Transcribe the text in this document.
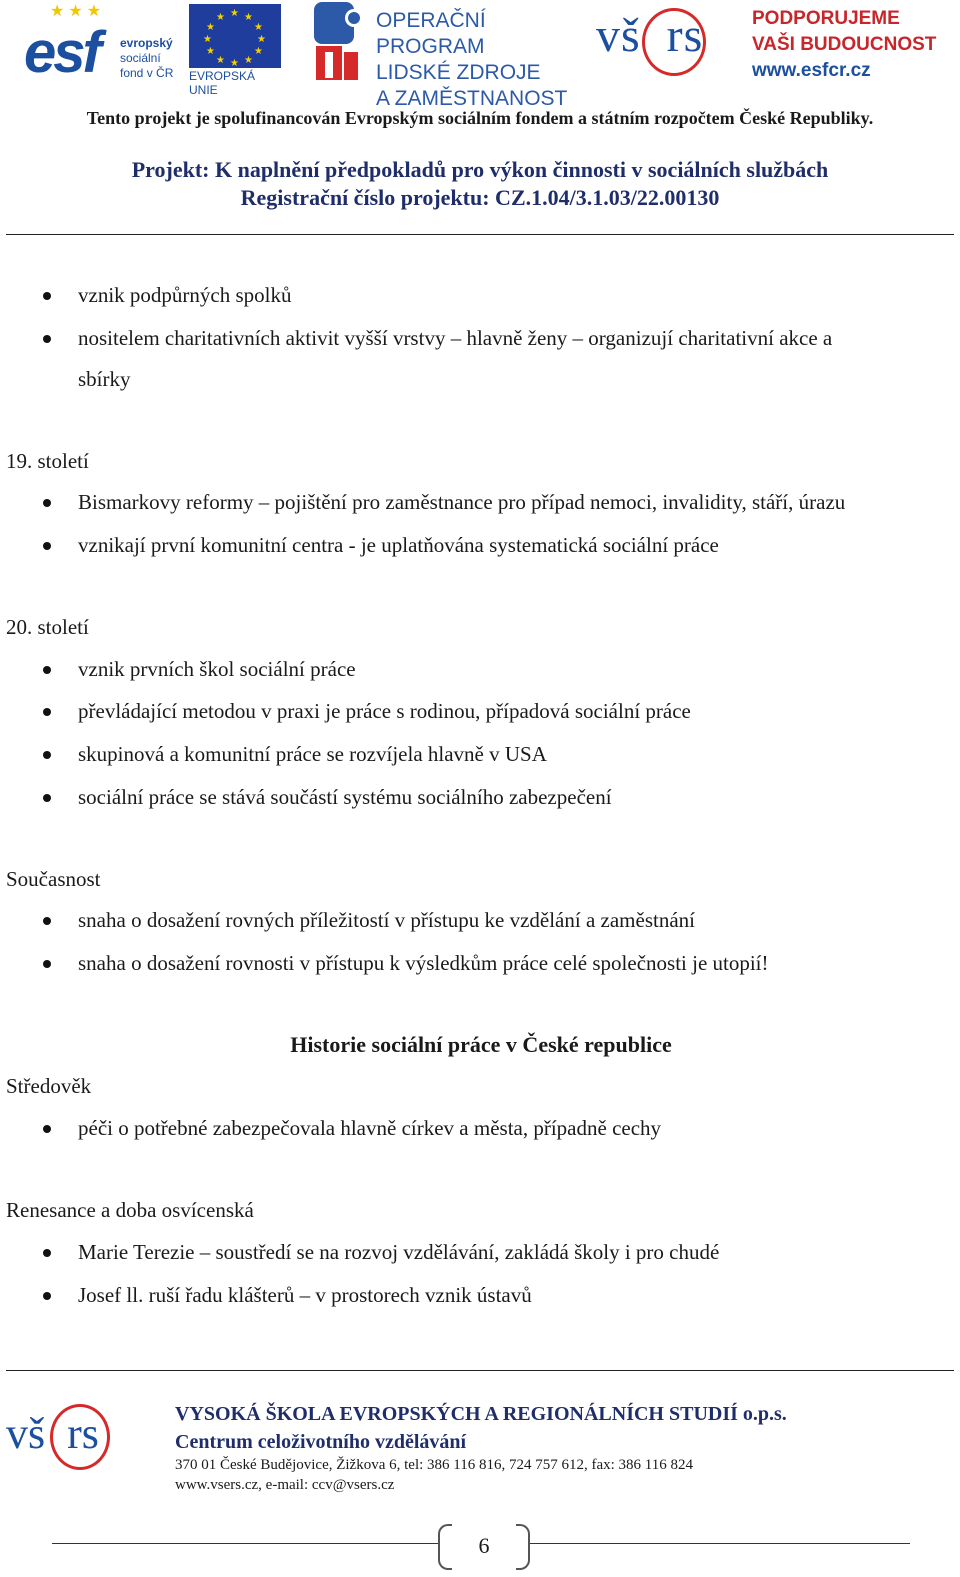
★ ★ ★
esf evropský
sociální
fond v ČR
★ ★
★
★
★
★
★
★
★
★
★
★
EVROPSKÁ UNIE
OPERAČNÍ PROGRAM
LIDSKÉ ZDROJE
A ZAMĚSTNANOST
vš  rs	PODPORUJEME
VAŠI BUDOUCNOST
www.esfcr.cz
Tento projekt je spolufinancován Evropským sociálním fondem a státním rozpočtem České Republiky.
Projekt: K naplnění předpokladů pro výkon činnosti v sociálních službách
Registrační číslo projektu: CZ.1.04/3.1.03/22.00130
vznik podpůrných spolků
nositelem charitativních aktivit vyšší vrstvy – hlavně ženy – organizují charitativní akce a
sbírky
19. století
Bismarkovy reformy – pojištění pro zaměstnance pro případ nemoci, invalidity, stáří, úrazu
vznikají první komunitní centra - je uplatňována systematická sociální práce
20. století
vznik prvních škol sociální práce
převládající metodou v praxi je práce s rodinou, případová sociální práce
skupinová a komunitní práce se rozvíjela hlavně v USA
sociální práce se stává součástí systému sociálního zabezpečení
Současnost
snaha o dosažení rovných příležitostí v přístupu ke vzdělání a zaměstnání
snaha o dosažení rovnosti v přístupu k výsledkům práce celé společnosti je utopií!
Historie sociální práce v České republice
Středověk
péči o potřebné zabezpečovala hlavně církev a města, případně cechy
Renesance a doba osvícenská
Marie Terezie – soustředí se na rozvoj vzdělávání, zakládá školy i pro chudé
Josef ll. ruší řadu klášterů – v prostorech vznik ústavů
vš  rs	VYSOKÁ ŠKOLA EVROPSKÝCH A REGIONÁLNÍCH STUDIÍ o.p.s.
Centrum celoživotního vzdělávání
370 01 České Budějovice, Žižkova 6, tel: 386 116 816, 724 757 612, fax: 386 116 824
www.vsers.cz, e-mail: ccv@vsers.cz
6
